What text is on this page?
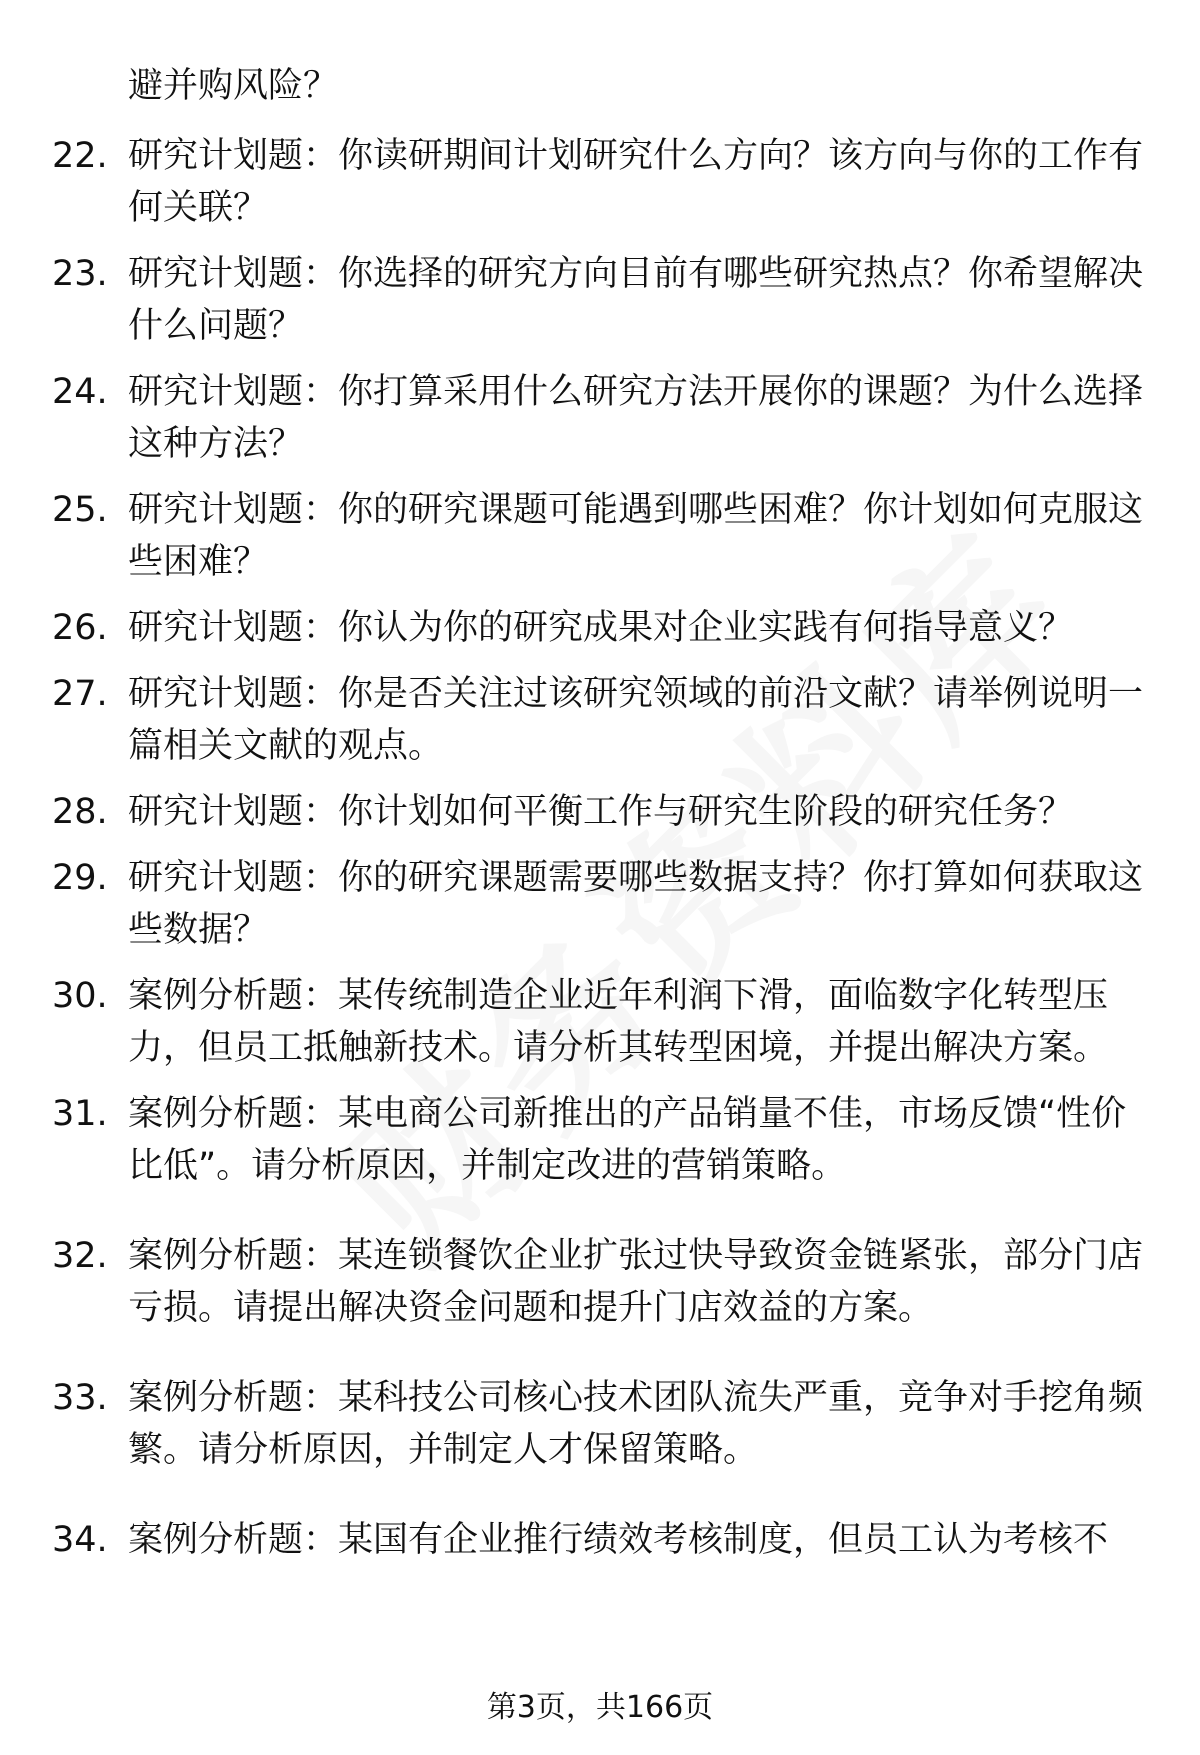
避并购风险？
22. 研究计划题：你读研期间计划研究什么方向？该方向与你的工作有何关联？
23. 研究计划题：你选择的研究方向目前有哪些研究热点？你希望解决什么问题？
24. 研究计划题：你打算采用什么研究方法开展你的课题？为什么选择这种方法？
25. 研究计划题：你的研究课题可能遇到哪些困难？你计划如何克服这些困难？
26. 研究计划题：你认为你的研究成果对企业实践有何指导意义？
27. 研究计划题：你是否关注过该研究领域的前沿文献？请举例说明一篇相关文献的观点。
28. 研究计划题：你计划如何平衡工作与研究生阶段的研究任务？
29. 研究计划题：你的研究课题需要哪些数据支持？你打算如何获取这些数据？
30. 案例分析题：某传统制造企业近年利润下滑，面临数字化转型压力，但员工抵触新技术。请分析其转型困境，并提出解决方案。
31. 案例分析题：某电商公司新推出的产品销量不佳，市场反馈“性价比低”。请分析原因，并制定改进的营销策略。
32. 案例分析题：某连锁餐饮企业扩张过快导致资金链紧张，部分门店亏损。请提出解决资金问题和提升门店效益的方案。
33. 案例分析题：某科技公司核心技术团队流失严重，竞争对手挖角频繁。请分析原因，并制定人才保留策略。
34. 案例分析题：某国有企业推行绩效考核制度，但员工认为考核不
第3页，共166页
